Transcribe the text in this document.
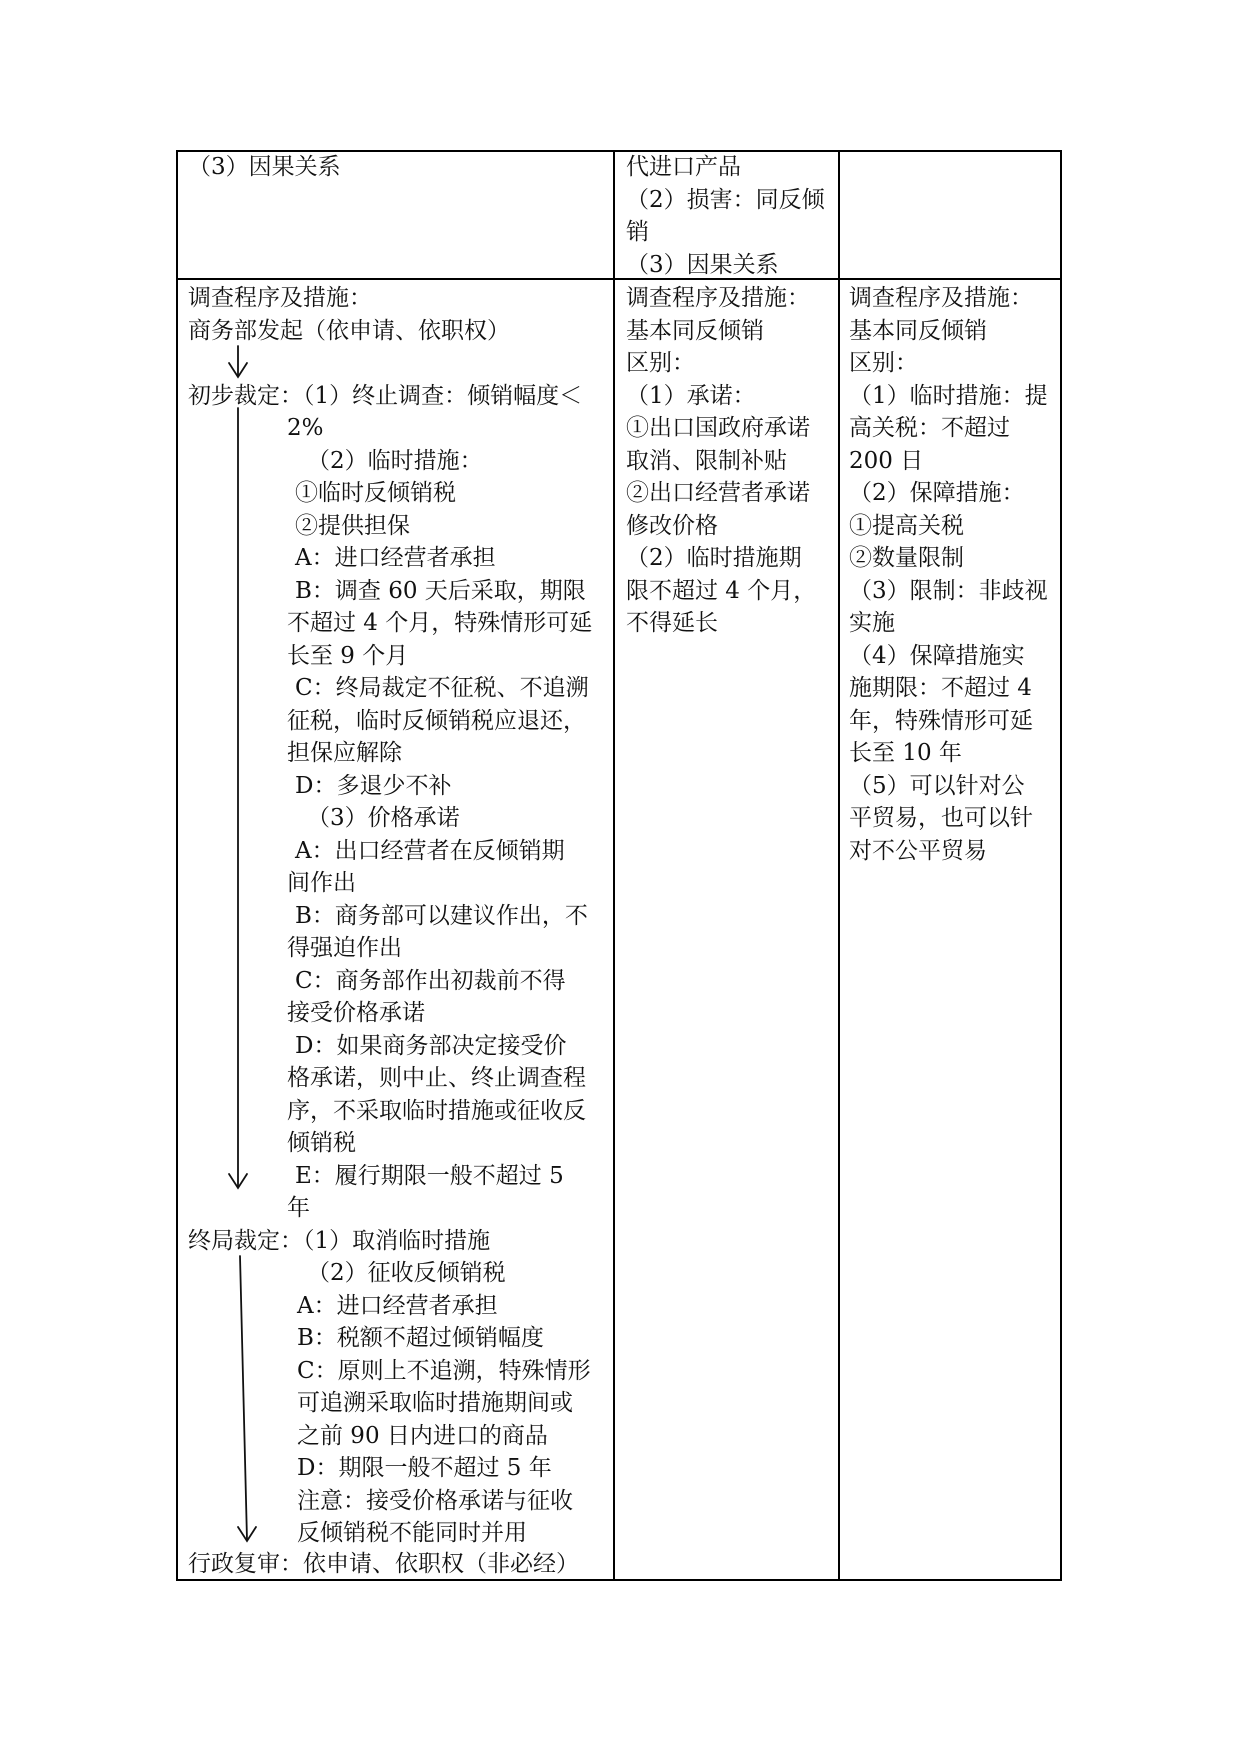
（3）因果关系	代进口产品
（2）损害：同反倾
销
（3）因果关系
调查程序及措施：
商务部发起（依申请、依职权）
初步裁定：（1）终止调查：倾销幅度＜
2%
（2）临时措施：
①临时反倾销税
②提供担保
A：进口经营者承担
B：调查 60 天后采取，期限
不超过 4 个月，特殊情形可延
长至 9 个月
C：终局裁定不征税、不追溯
征税，临时反倾销税应退还，
担保应解除
D：多退少不补
（3）价格承诺
A：出口经营者在反倾销期
间作出
B：商务部可以建议作出，不
得强迫作出
C：商务部作出初裁前不得
接受价格承诺
D：如果商务部决定接受价
格承诺，则中止、终止调查程
序，不采取临时措施或征收反
倾销税
E：履行期限一般不超过 5
年
终局裁定：（1）取消临时措施
（2）征收反倾销税
A：进口经营者承担
B：税额不超过倾销幅度
C：原则上不追溯，特殊情形
可追溯采取临时措施期间或
之前 90 日内进口的商品
D：期限一般不超过 5 年
注意：接受价格承诺与征收
反倾销税不能同时并用
行政复审：依申请、依职权（非必经）
调查程序及措施：
基本同反倾销
区别：
（1）承诺：
①出口国政府承诺
取消、限制补贴
②出口经营者承诺
修改价格
（2）临时措施期
限不超过 4 个月，
不得延长
调查程序及措施：
基本同反倾销
区别：
（1）临时措施：提
高关税：不超过
200 日
（2）保障措施：
①提高关税
②数量限制
（3）限制：非歧视
实施
（4）保障措施实
施期限：不超过 4
年，特殊情形可延
长至 10 年
（5）可以针对公
平贸易，也可以针
对不公平贸易
